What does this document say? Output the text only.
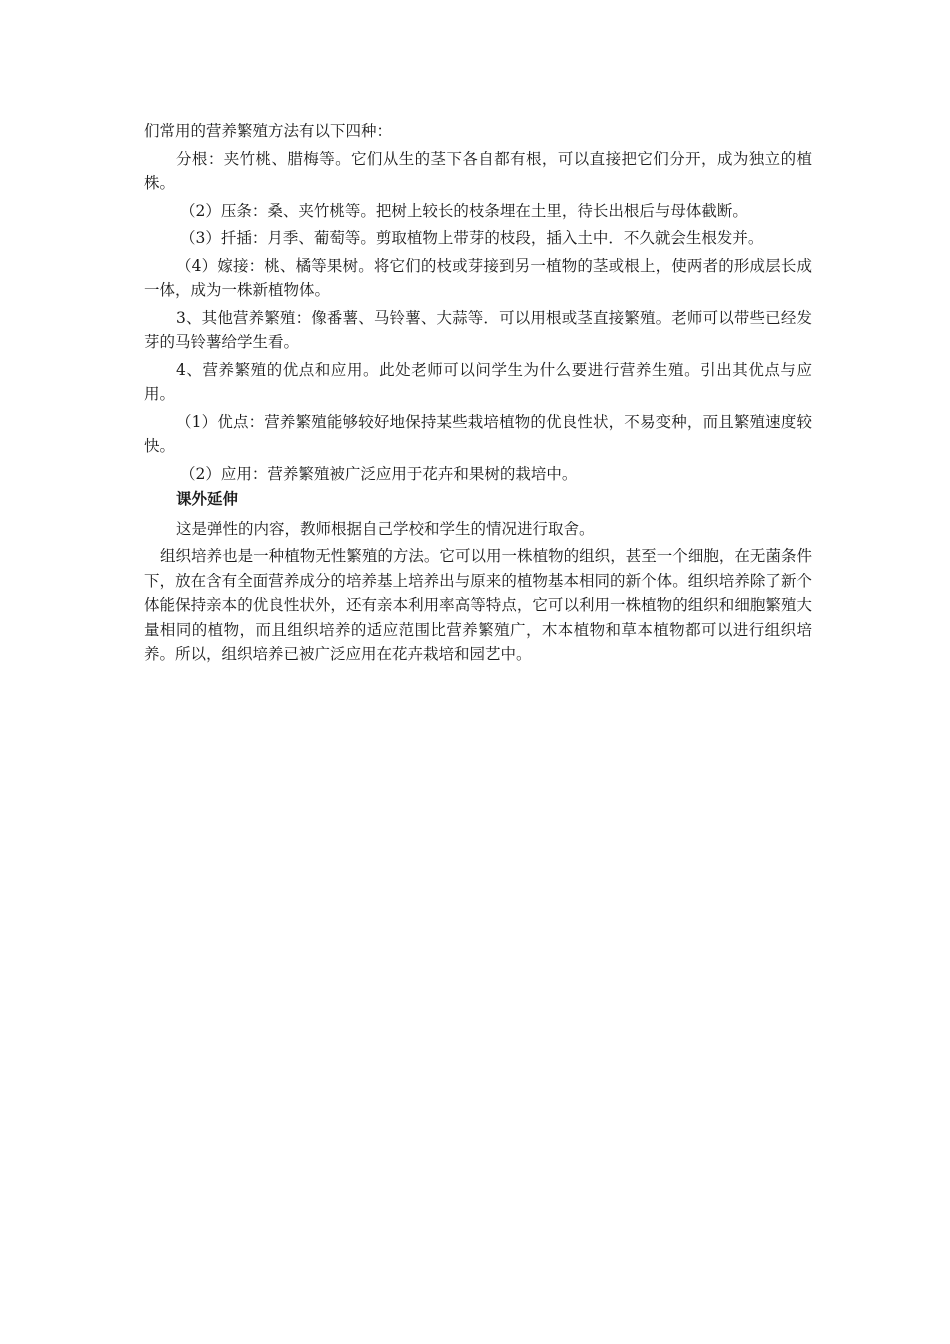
们常用的营养繁殖方法有以下四种：

分根：夹竹桃、腊梅等。它们从生的茎下各自都有根，可以直接把它们分开，成为独立的植株。

（2）压条：桑、夹竹桃等。把树上较长的枝条埋在土里，待长出根后与母体截断。

（3）扦插：月季、葡萄等。剪取植物上带芽的枝段，插入土中．不久就会生根发并。

（4）嫁接：桃、橘等果树。将它们的枝或芽接到另一植物的茎或根上，使两者的形成层长成一体，成为一株新植物体。

3、其他营养繁殖：像番薯、马铃薯、大蒜等．可以用根或茎直接繁殖。老师可以带些已经发芽的马铃薯给学生看。

4、营养繁殖的优点和应用。此处老师可以问学生为什么要进行营养生殖。引出其优点与应用。

（1）优点：营养繁殖能够较好地保持某些栽培植物的优良性状，不易变种，而且繁殖速度较快。

（2）应用：营养繁殖被广泛应用于花卉和果树的栽培中。

课外延伸

这是弹性的内容，教师根据自己学校和学生的情况进行取舍。

组织培养也是一种植物无性繁殖的方法。它可以用一株植物的组织，甚至一个细胞，在无菌条件下，放在含有全面营养成分的培养基上培养出与原来的植物基本相同的新个体。组织培养除了新个体能保持亲本的优良性状外，还有亲本利用率高等特点，它可以利用一株植物的组织和细胞繁殖大量相同的植物，而且组织培养的适应范围比营养繁殖广，木本植物和草本植物都可以进行组织培养。所以，组织培养已被广泛应用在花卉栽培和园艺中。
